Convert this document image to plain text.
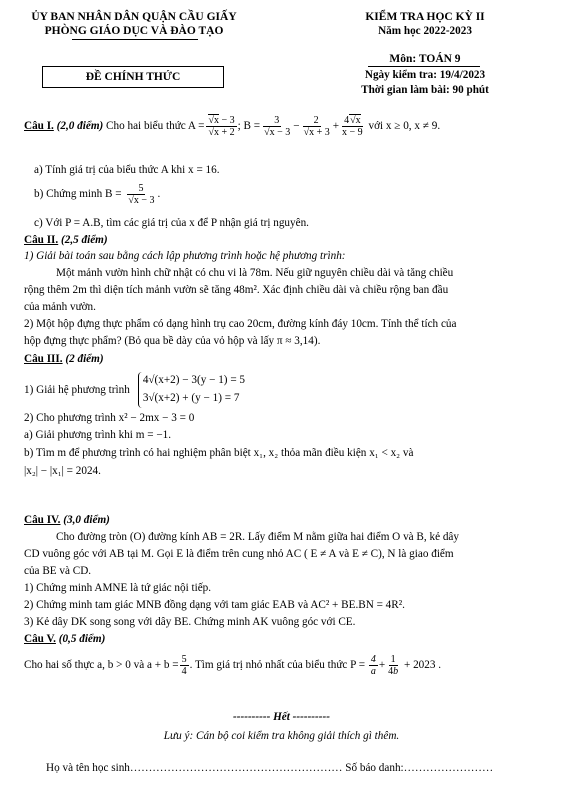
ỦY BAN NHÂN DÂN QUẬN CẦU GIẤY
PHÒNG GIÁO DỤC VÀ ĐÀO TẠO
KIỂM TRA HỌC KỲ II
Năm học 2022-2023
ĐỀ CHÍNH THỨC
Môn: TOÁN 9
Ngày kiểm tra: 19/4/2023
Thời gian làm bài: 90 phút
Câu I. (2,0 điểm) Cho hai biểu thức A = √ x − 3
√ x + 2 ; B = 3
√ x − 3 − 2
√ $x + 3 + \frac{4 √ x}{x - 9}$ với x ≥ 0, x ≠ 9.
a) Tính giá trị của biểu thức A khi x = 16.
b) Chứng minh B = 5
√ x − 3 .
c) Với P = A.B, tìm các giá trị của x để P nhận giá trị nguyên.
Câu II. (2,5 điểm)
1) Giải bài toán sau bằng cách lập phương trình hoặc hệ phương trình:
Một mảnh vườn hình chữ nhật có chu vi là 78m. Nếu giữ nguyên chiều dài và tăng chiều
rộng thêm 2m thì diện tích mảnh vườn sẽ tăng 48m². Xác định chiều dài và chiều rộng ban đầu
của mảnh vườn.
2) Một hộp đựng thực phẩm có dạng hình trụ cao 20cm, đường kính đáy 10cm. Tính thể tích của
hộp đựng thực phẩm? (Bỏ qua bề dày của vỏ hộp và lấy π ≈ 3,14).
Câu III. (2 điểm)
1) Giải hệ phương trình
4√(x+2) − 3(y − 1) = 5
3√(x+2) + (y − 1) = 7
2) Cho phương trình x² − 2mx − 3 = 0
a) Giải phương trình khi m = −1.
b) Tìm m để phương trình có hai nghiệm phân biệt x₁, x₂ thỏa mãn điều kiện x₁ < x₂ và
|x₂| − |x₁| = 2024.
Câu IV. (3,0 điểm)
Cho đường tròn (O) đường kính AB = 2R. Lấy điểm M nằm giữa hai điểm O và B, kẻ dây
CD vuông góc với AB tại M. Gọi E là điểm trên cung nhỏ AC ( E ≠ A và E ≠ C), N là giao điểm
của BE và CD.
1) Chứng minh AMNE là tứ giác nội tiếp.
2) Chứng minh tam giác MNB đồng dạng với tam giác EAB và AC² + BE.BN = 4R².
3) Kẻ dây DK song song với dây BE. Chứng minh AK vuông góc với CE.
Câu V. (0,5 điểm)
Cho hai số thực a, b > 0 và $a + b = \frac{5}{4}$ . Tìm giá trị nhỏ nhất của biểu thức $P = \frac{4}{a} + \frac{1}{4b} + 2023$ .
---------- Hết ----------
Lưu ý: Cán bộ coi kiểm tra không giải thích gì thêm.
Họ và tên học sinh………………………………………………… Số báo danh:……………………
